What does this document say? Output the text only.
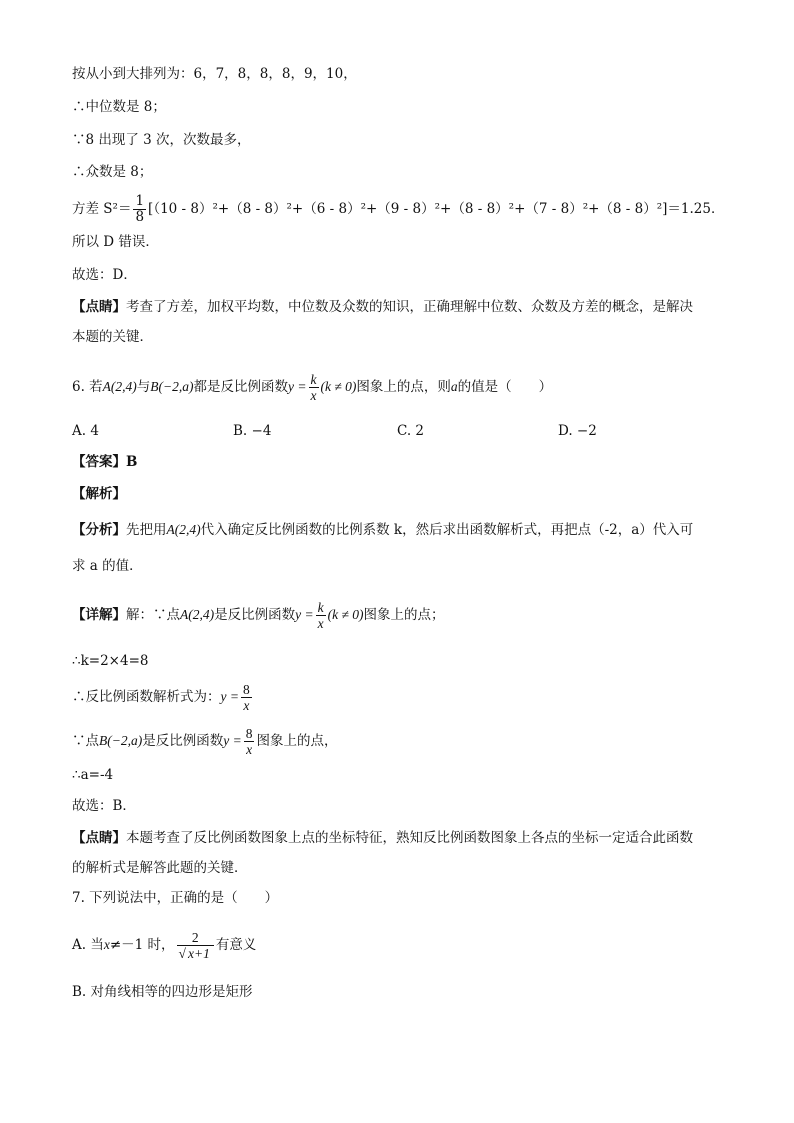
按从小到大排列为：6，7，8，8，8，9，10，
∴中位数是 8；
∵8 出现了 3 次，次数最多，
∴众数是 8；
方差 $S^2= \frac{1}{8} [(10 - 8)^2+(8 - 8)^2+(6 - 8)^2+(9 - 8)^2+(8 - 8)^2+(7 - 8)^2+(8 - 8)^2]=1.25$．
所以 D 错误．
故选：D．
【点睛】考查了方差，加权平均数，中位数及众数的知识，正确理解中位数、众数及方差的概念，是解决
本题的关键．
6. 若A(2,4)与B(−2,a)都是反比例函数$y = \frac{k}{x} (k \ne 0)$图象上的点，则a的值是（　　）
A. 4	B. −4	C. 2	D. −2
【答案】B
【解析】
【分析】先把用A(2,4)代入确定反比例函数的比例系数 k，然后求出函数解析式，再把点（-2，a）代入可
求 a 的值．
【详解】解：∵点A(2,4)是反比例函数$y = \frac{k}{x} (k \ne 0)$图象上的点；
∴k=2×4=8
∴反比例函数解析式为：$y = \frac{8}{x}$
∵点B(−2,a)是反比例函数$y = \frac{8}{x}$ 图象上的点，
∴a=-4
故选：B．
【点睛】本题考查了反比例函数图象上点的坐标特征，熟知反比例函数图象上各点的坐标一定适合此函数
的解析式是解答此题的关键．
7. 下列说法中，正确的是（　　）
A. 当x≠－1 时， $\frac{2}{√ x+1}$ 有意义
B. 对角线相等的四边形是矩形
